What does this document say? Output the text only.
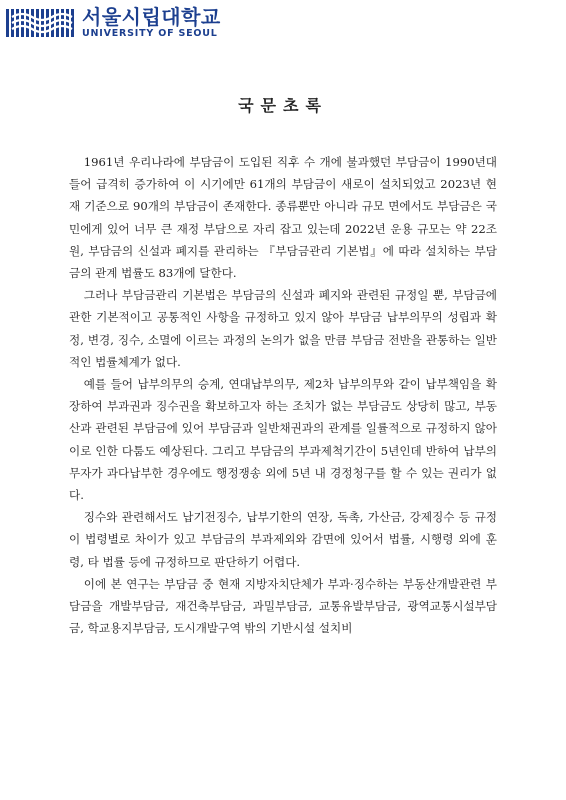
서울시립대학교
UNIVERSITY OF SEOUL
국문초록

1961년 우리나라에 부담금이 도입된 직후 수 개에 불과했던 부담금이 1990년대 들어 급격히 증가하여 이 시기에만 61개의 부담금이 새로이 설치되었고 2023년 현재 기준으로 90개의 부담금이 존재한다. 종류뿐만 아니라 규모 면에서도 부담금은 국민에게 있어 너무 큰 재정 부담으로 자리 잡고 있는데 2022년 운용 규모는 약 22조 원, 부담금의 신설과 폐지를 관리하는 『부담금관리 기본법』에 따라 설치하는 부담금의 관계 법률도 83개에 달한다.

그러나 부담금관리 기본법은 부담금의 신설과 폐지와 관련된 규정일 뿐, 부담금에 관한 기본적이고 공통적인 사항을 규정하고 있지 않아 부담금 납부의무의 성립과 확정, 변경, 징수, 소멸에 이르는 과정의 논의가 없을 만큼 부담금 전반을 관통하는 일반적인 법률체계가 없다.

예를 들어 납부의무의 승계, 연대납부의무, 제2차 납부의무와 같이 납부책임을 확장하여 부과권과 징수권을 확보하고자 하는 조치가 없는 부담금도 상당히 많고, 부동산과 관련된 부담금에 있어 부담금과 일반채권과의 관계를 일률적으로 규정하지 않아 이로 인한 다툼도 예상된다. 그리고 부담금의 부과제척기간이 5년인데 반하여 납부의무자가 과다납부한 경우에도 행정쟁송 외에 5년 내 경정청구를 할 수 있는 권리가 없다.

징수와 관련해서도 납기전징수, 납부기한의 연장, 독촉, 가산금, 강제징수 등 규정이 법령별로 차이가 있고 부담금의 부과제외와 감면에 있어서 법률, 시행령 외에 훈령, 타 법률 등에 규정하므로 판단하기 어렵다.

이에 본 연구는 부담금 중 현재 지방자치단체가 부과·징수하는 부동산개발관련 부담금을 개발부담금, 재건축부담금, 과밀부담금, 교통유발부담금, 광역교통시설부담금, 학교용지부담금, 도시개발구역 밖의 기반시설 설치비
